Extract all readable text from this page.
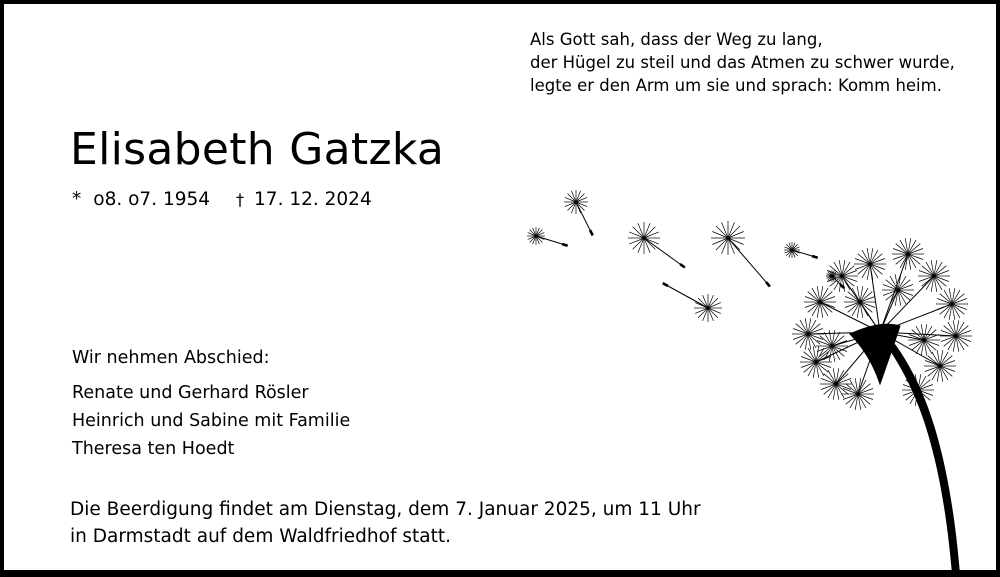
Als Gott sah, dass der Weg zu lang,
der Hügel zu steil und das Atmen zu schwer wurde,
legte er den Arm um sie und sprach: Komm heim.
Elisabeth Gatzka
* o8. o7. 1954 † 17. 12. 2024
Wir nehmen Abschied:
Renate und Gerhard Rösler
Heinrich und Sabine mit Familie
Theresa ten Hoedt
Die Beerdigung findet am Dienstag, dem 7. Januar 2025, um 11 Uhr
in Darmstadt auf dem Waldfriedhof statt.
